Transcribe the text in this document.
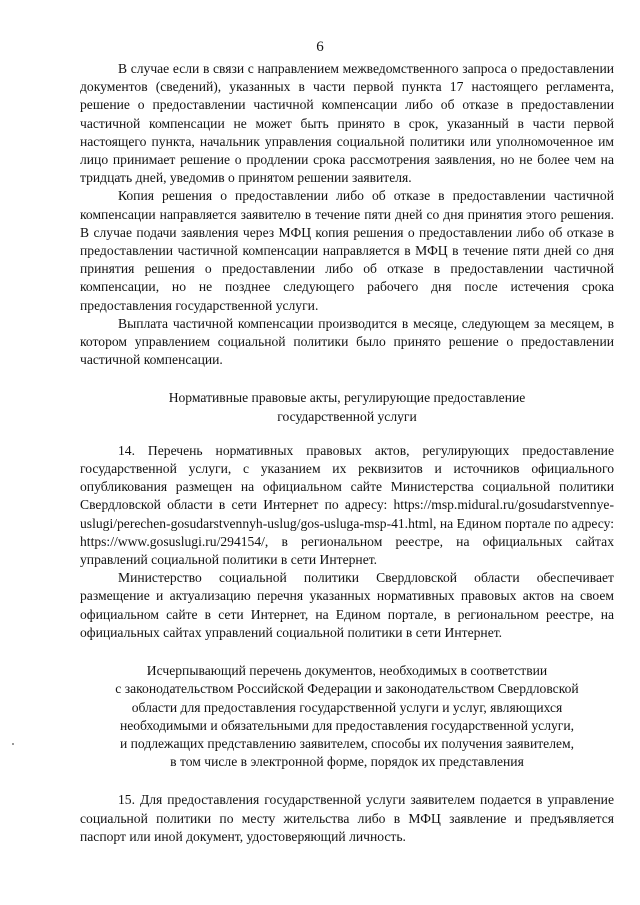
6

В случае если в связи с направлением межведомственного запроса о предоставлении документов (сведений), указанных в части первой пункта 17 настоящего регламента, решение о предоставлении частичной компенсации либо об отказе в предоставлении частичной компенсации не может быть принято в срок, указанный в части первой настоящего пункта, начальник управления социальной политики или уполномоченное им лицо принимает решение о продлении срока рассмотрения заявления, но не более чем на тридцать дней, уведомив о принятом решении заявителя.

Копия решения о предоставлении либо об отказе в предоставлении частичной компенсации направляется заявителю в течение пяти дней со дня принятия этого решения. В случае подачи заявления через МФЦ копия решения о предоставлении либо об отказе в предоставлении частичной компенсации направляется в МФЦ в течение пяти дней со дня принятия решения о предоставлении либо об отказе в предоставлении частичной компенсации, но не позднее следующего рабочего дня после истечения срока предоставления государственной услуги.

Выплата частичной компенсации производится в месяце, следующем за месяцем, в котором управлением социальной политики было принято решение о предоставлении частичной компенсации.

Нормативные правовые акты, регулирующие предоставление
государственной услуги

14. Перечень нормативных правовых актов, регулирующих предоставление государственной услуги, с указанием их реквизитов и источников официального опубликования размещен на официальном сайте Министерства социальной политики Свердловской области в сети Интернет по адресу: https://msp.midural.ru/gosudarstvennye-uslugi/perechen-gosudarstvennyh-uslug/gos-usluga-msp-41.html, на Едином портале по адресу: https://www.gosuslugi.ru/294154/, в региональном реестре, на официальных сайтах управлений социальной политики в сети Интернет.

Министерство социальной политики Свердловской области обеспечивает размещение и актуализацию перечня указанных нормативных правовых актов на своем официальном сайте в сети Интернет, на Едином портале, в региональном реестре, на официальных сайтах управлений социальной политики в сети Интернет.

Исчерпывающий перечень документов, необходимых в соответствии
с законодательством Российской Федерации и законодательством Свердловской
области для предоставления государственной услуги и услуг, являющихся
необходимыми и обязательными для предоставления государственной услуги,
и подлежащих представлению заявителем, способы их получения заявителем,
в том числе в электронной форме, порядок их представления

15. Для предоставления государственной услуги заявителем подается в управление социальной политики по месту жительства либо в МФЦ заявление и предъявляется паспорт или иной документ, удостоверяющий личность.
